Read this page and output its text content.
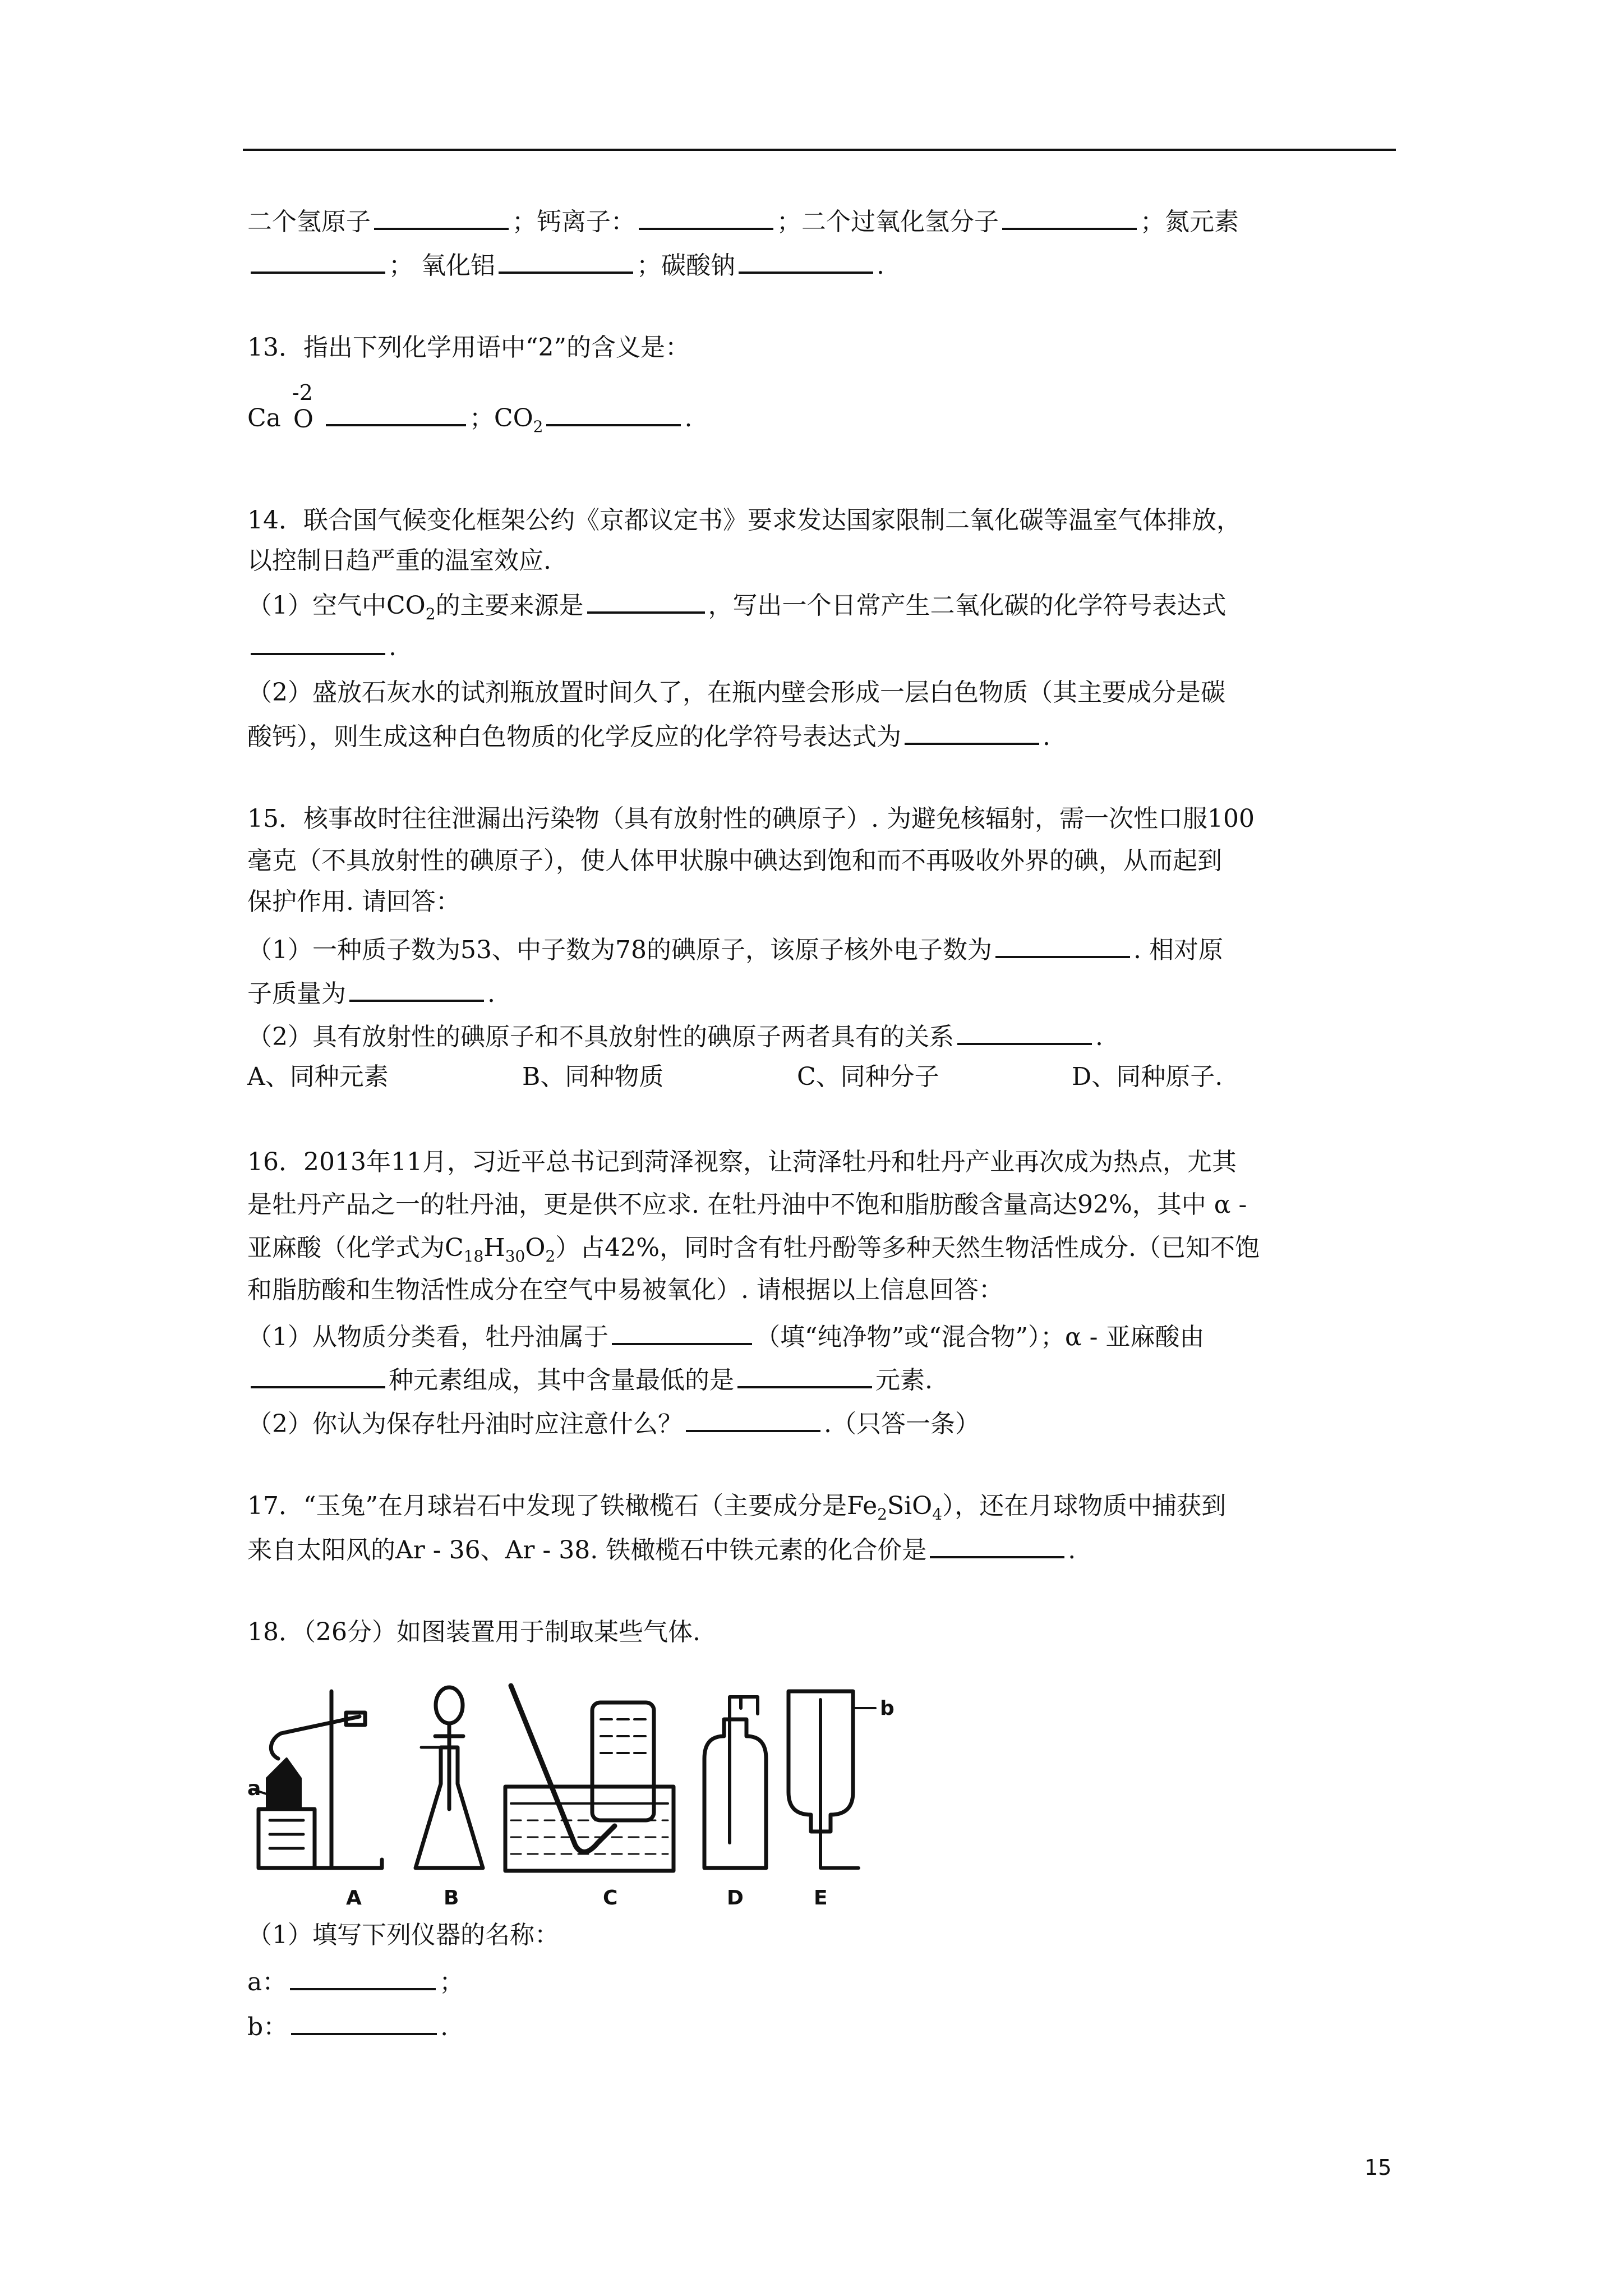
二个氢原子	；钙离子：	；二个过氧化氢分子	；氮元素
； 氧化铝	；碳酸钠	.
13．指出下列化学用语中“2”的含义是：
Ca
-2
O	；$CO_2$	.
14．联合国气候变化框架公约《京都议定书》要求发达国家限制二氧化碳等温室气体排放，
以控制日趋严重的温室效应.
（1）空气中$CO_2$的主要来源是	，写出一个日常产生二氧化碳的化学符号表达式
.
（2）盛放石灰水的试剂瓶放置时间久了，在瓶内壁会形成一层白色物质（其主要成分是碳
酸钙），则生成这种白色物质的化学反应的化学符号表达式为	.
15．核事故时往往泄漏出污染物（具有放射性的碘原子）. 为避免核辐射，需一次性口服100
毫克（不具放射性的碘原子），使人体甲状腺中碘达到饱和而不再吸收外界的碘，从而起到
保护作用. 请回答：
（1）一种质子数为53、中子数为78的碘原子，该原子核外电子数为	. 相对原
子质量为	.
（2）具有放射性的碘原子和不具放射性的碘原子两者具有的关系	.
A、同种元素	B、同种物质	C、同种分子	D、同种原子.
16．2013年11月，习近平总书记到菏泽视察，让菏泽牡丹和牡丹产业再次成为热点，尤其
是牡丹产品之一的牡丹油，更是供不应求. 在牡丹油中不饱和脂肪酸含量高达92%，其中 α -
亚麻酸（化学式为$C_{18}H_{30}O_2$）占42%，同时含有牡丹酚等多种天然生物活性成分.（已知不饱
和脂肪酸和生物活性成分在空气中易被氧化）. 请根据以上信息回答：
（1）从物质分类看，牡丹油属于	（填“纯净物”或“混合物”）；α - 亚麻酸由
种元素组成，其中含量最低的是	元素.
（2）你认为保存牡丹油时应注意什么？	.（只答一条）
17．“玉兔”在月球岩石中发现了铁橄榄石（主要成分是$Fe_2SiO_4$），还在月球物质中捕获到
来自太阳风的Ar - 36、Ar - 38. 铁橄榄石中铁元素的化合价是	.
18．（26分）如图装置用于制取某些气体.
a
b
A	B	C	D	E
（1）填写下列仪器的名称：
a：	；
b：	.
15
